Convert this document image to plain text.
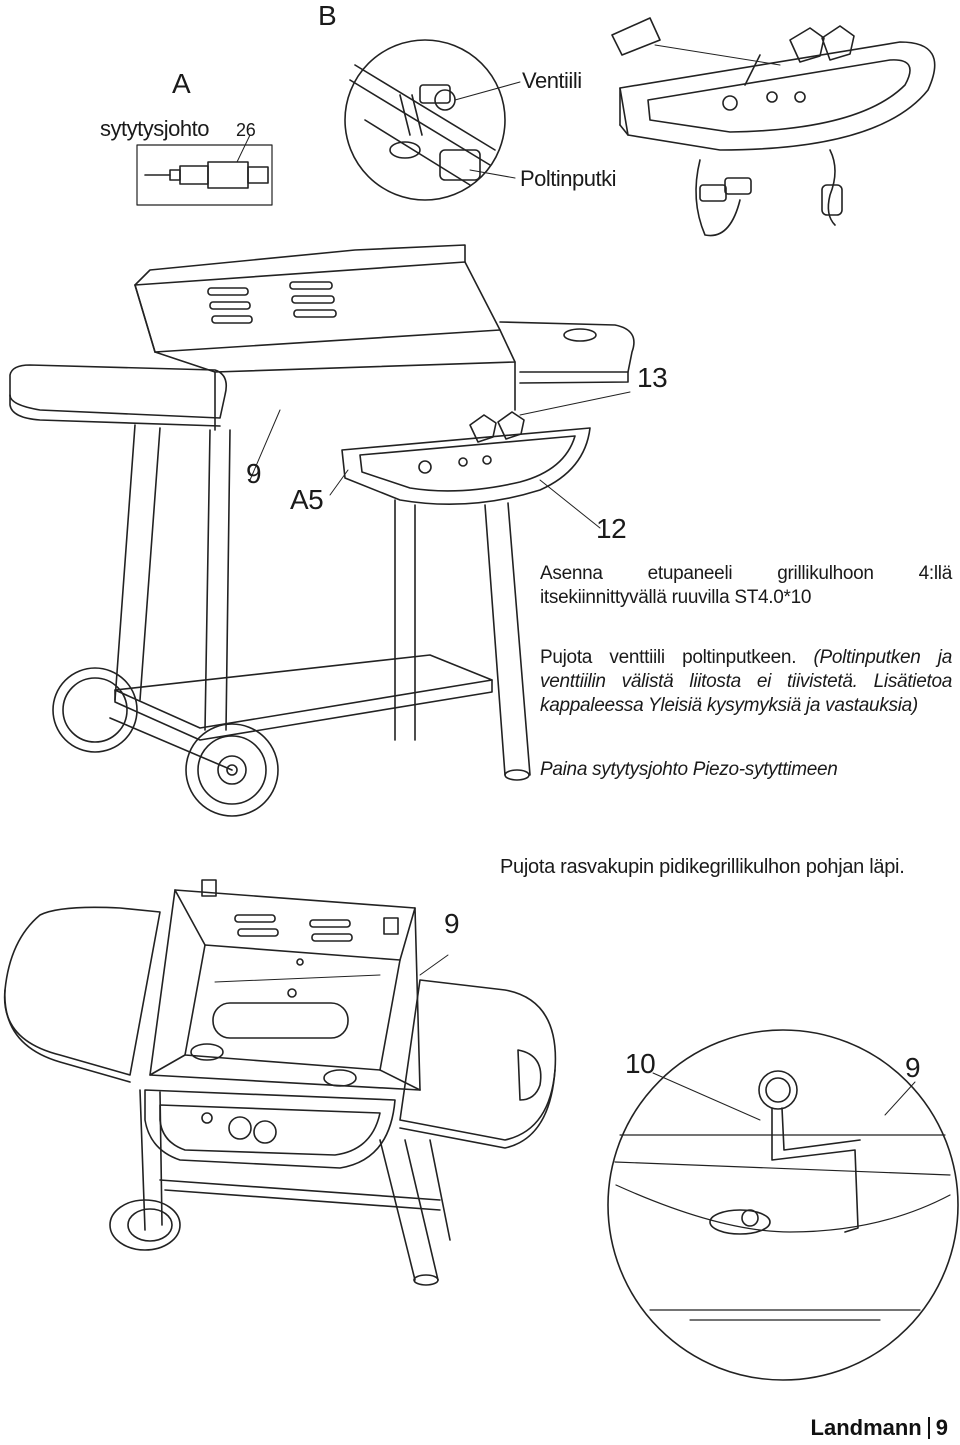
A
B
sytytysjohto 26
Ventiili
Poltinputki
13
9
A5
12
9
10	9
Asenna etupaneeli grillikulhoon 4:llä itsekiinnittyvällä ruuvilla ST4.0*10
Pujota venttiili poltinputkeen. (Poltinputken ja venttiilin välistä liitosta ei tiivistetä. Lisätietoa kappaleessa Yleisiä kysymyksiä ja vastauksia)
Paina sytytysjohto Piezo-sytyttimeen
Pujota rasvakupin pidikegrillikulhon pohjan läpi.
Landmann 9
